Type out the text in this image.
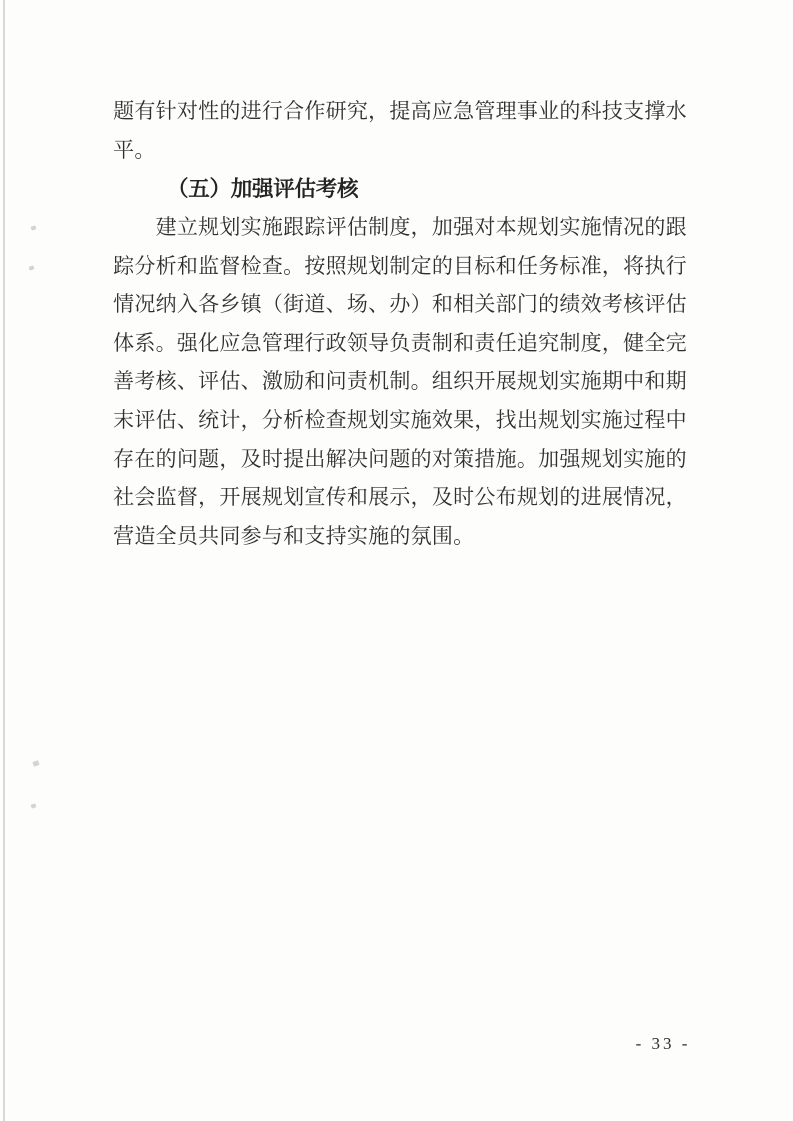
题 有 针 对 性 的 进 行 合 作 研 究 ， 提 高 应 急 管 理 事 业 的 科 技 支 撑 水
平 。
（ 五 ） 加 强 评 估 考 核
建 立 规 划 实 施 跟 踪 评 估 制 度 ， 加 强 对 本 规 划 实 施 情 况 的 跟
踪 分 析 和 监 督 检 查 。 按 照 规 划 制 定 的 目 标 和 任 务 标 准 ， 将 执 行
情 况 纳 入 各 乡 镇 （ 街 道 、 场 、 办 ） 和 相 关 部 门 的 绩 效 考 核 评 估
体 系 。 强 化 应 急 管 理 行 政 领 导 负 责 制 和 责 任 追 究 制 度 ， 健 全 完
善 考 核 、 评 估 、 激 励 和 问 责 机 制 。 组 织 开 展 规 划 实 施 期 中 和 期
末 评 估 、 统 计 ， 分 析 检 查 规 划 实 施 效 果 ， 找 出 规 划 实 施 过 程 中
存 在 的 问 题 ， 及 时 提 出 解 决 问 题 的 对 策 措 施 。 加 强 规 划 实 施 的
社 会 监 督 ， 开 展 规 划 宣 传 和 展 示 ， 及 时 公 布 规 划 的 进 展 情 况 ，
营 造 全 员 共 同 参 与 和 支 持 实 施 的 氛 围 。
- 33 -
